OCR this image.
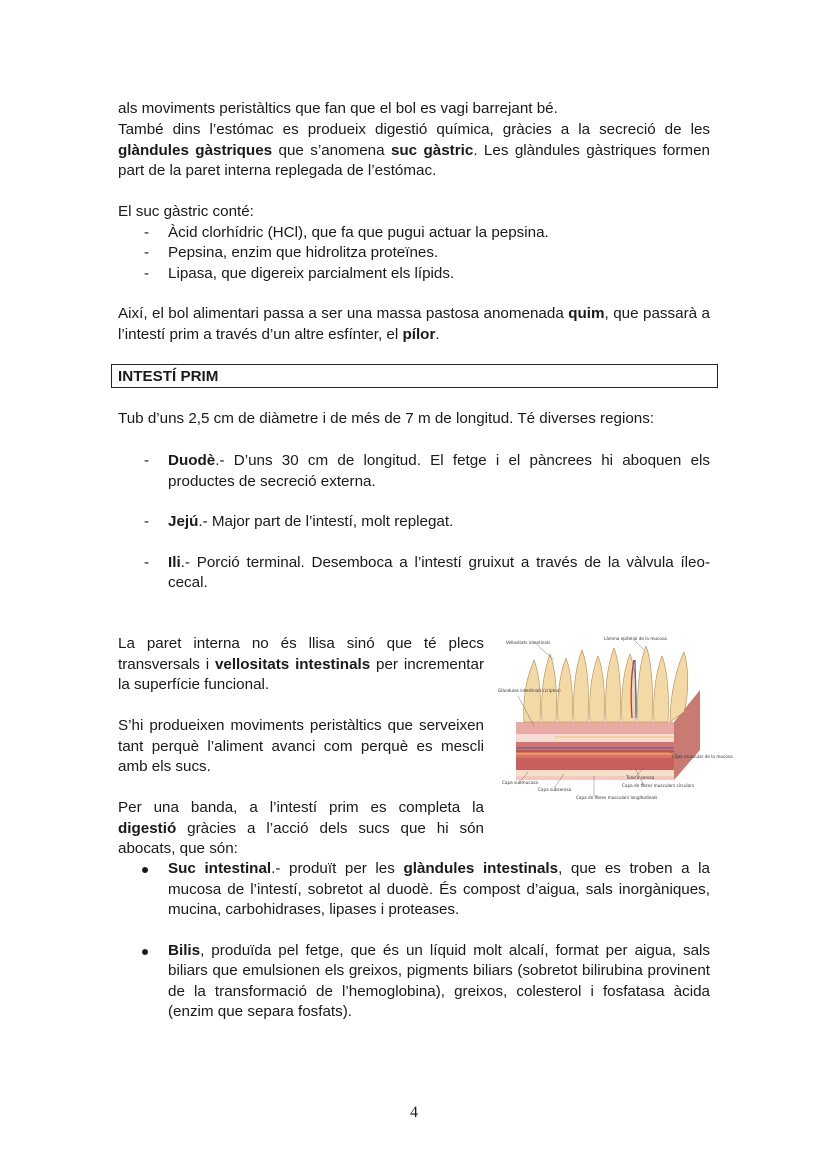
als moviments peristàltics que fan que el bol es vagi barrejant bé.

També dins l’estómac es produeix digestió química, gràcies a la secreció de les glàndules gàstriques que s’anomena suc gàstric. Les glàndules gàstriques formen part de la paret interna replegada de l’estómac.

El suc gàstric conté:

- Àcid clorhídric (HCl), que fa que pugui actuar la pepsina.
- Pepsina, enzim que hidrolitza proteïnes.
- Lipasa, que digereix parcialment els lípids.

Així, el bol alimentari passa a ser una massa pastosa anomenada quim, que passarà a l’intestí prim a través d’un altre esfínter, el pílor.

INTESTÍ PRIM

Tub d’uns 2,5 cm de diàmetre i de més de 7 m de longitud. Té diverses regions:

- Duodè.- D’uns 30 cm de longitud. El fetge i el pàncrees hi aboquen els productes de secreció externa.
- Jejú.- Major part de l’intestí, molt replegat.
- Ili.- Porció terminal. Desemboca a l’intestí gruixut a través de la vàlvula íleo-cecal.

La paret interna no és llisa sinó que té plecs transversals i vellositats intestinals per incrementar la superfície funcional.

S’hi produeixen moviments peristàltics que serveixen tant perquè l’aliment avanci com perquè es mescli amb els sucs.

Per una banda, a l’intestí prim es completa la digestió gràcies a l’acció dels sucs que hi són abocats, que són:

Vellositats intestinals
Làmina epitelial de la mucosa
Glàndules intestinals (criptes)
Capa muscular de la mucosa
Túnica serosa
Capa de fibres musculars circulars
Capa submucosa
Capa subserosa
Capa de fibres musculars longitudinals
Suc intestinal.- produït per les glàndules intestinals, que es troben a la mucosa de l’intestí, sobretot al duodè. És compost d’aigua, sals inorgàniques, mucina, carbohidrases, lipases i proteases.
Bilis, produïda pel fetge, que és un líquid molt alcalí, format per aigua, sals biliars que emulsionen els greixos, pigments biliars (sobretot bilirubina provinent de la transformació de l’hemoglobina), greixos, colesterol i fosfatasa àcida (enzim que separa fosfats).
4
